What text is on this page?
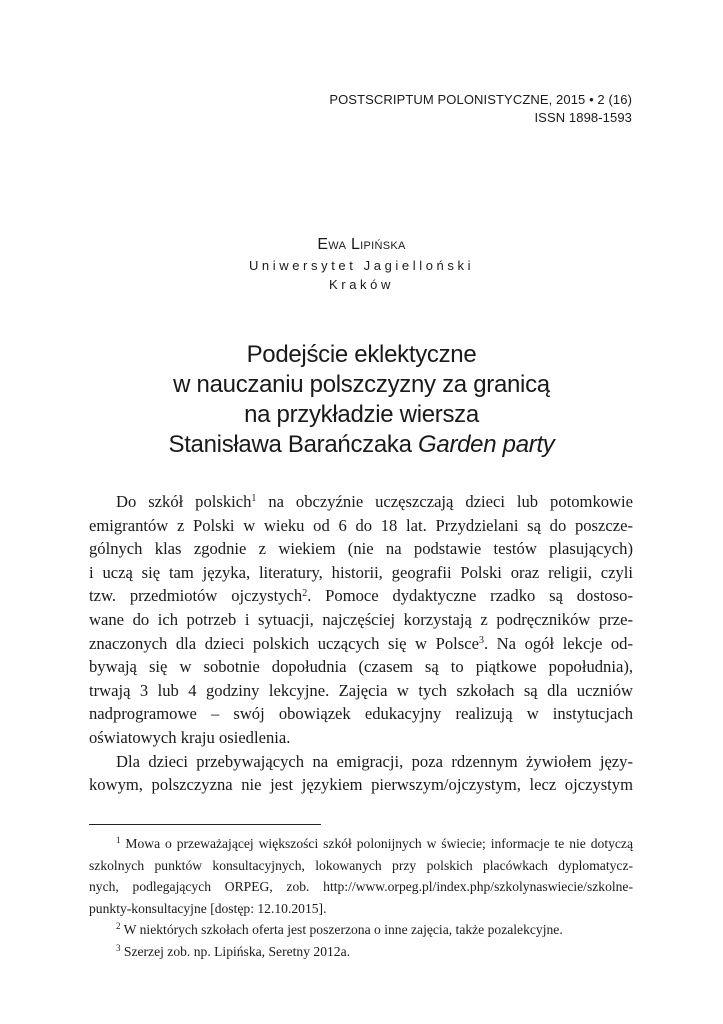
POSTSCRIPTUM POLONISTYCZNE, 2015 • 2 (16)
ISSN 1898-1593
Ewa Lipińska
Uniwersytet Jagielloński
Kraków
Podejście eklektyczne
w nauczaniu polszczyzny za granicą
na przykładzie wiersza
Stanisława Barańczaka Garden party
Do szkół polskich$^1$ na obczyźnie uczęszczają dzieci lub potomkowie
emigrantów z Polski w wieku od 6 do 18 lat. Przydzielani są do poszcze-
gólnych klas zgodnie z wiekiem (nie na podstawie testów plasujących)
i uczą się tam języka, literatury, historii, geografii Polski oraz religii, czyli
tzw. przedmiotów ojczystych$^2$. Pomoce dydaktyczne rzadko są dostoso-
wane do ich potrzeb i sytuacji, najczęściej korzystają z podręczników prze-
znaczonych dla dzieci polskich uczących się w Polsce$^3$. Na ogół lekcje od-
bywają się w sobotnie dopołudnia (czasem są to piątkowe popołudnia),
trwają 3 lub 4 godziny lekcyjne. Zajęcia w tych szkołach są dla uczniów
nadprogramowe – swój obowiązek edukacyjny realizują w instytucjach
oświatowych kraju osiedlenia.
Dla dzieci przebywających na emigracji, poza rdzennym żywiołem języ-
kowym, polszczyzna nie jest językiem pierwszym/ojczystym, lecz ojczystym
$^1$ Mowa o przeważającej większości szkół polonijnych w świecie; informacje te nie dotyczą
szkolnych punktów konsultacyjnych, lokowanych przy polskich placówkach dyplomatycz-
nych, podlegających ORPEG, zob. http://www.orpeg.pl/index.php/szkolynaswiecie/szkolne-
punkty-konsultacyjne [dostęp: 12.10.2015].
$^2$ W niektórych szkołach oferta jest poszerzona o inne zajęcia, także pozalekcyjne.
$^3$ Szerzej zob. np. Lipińska, Seretny 2012a.
